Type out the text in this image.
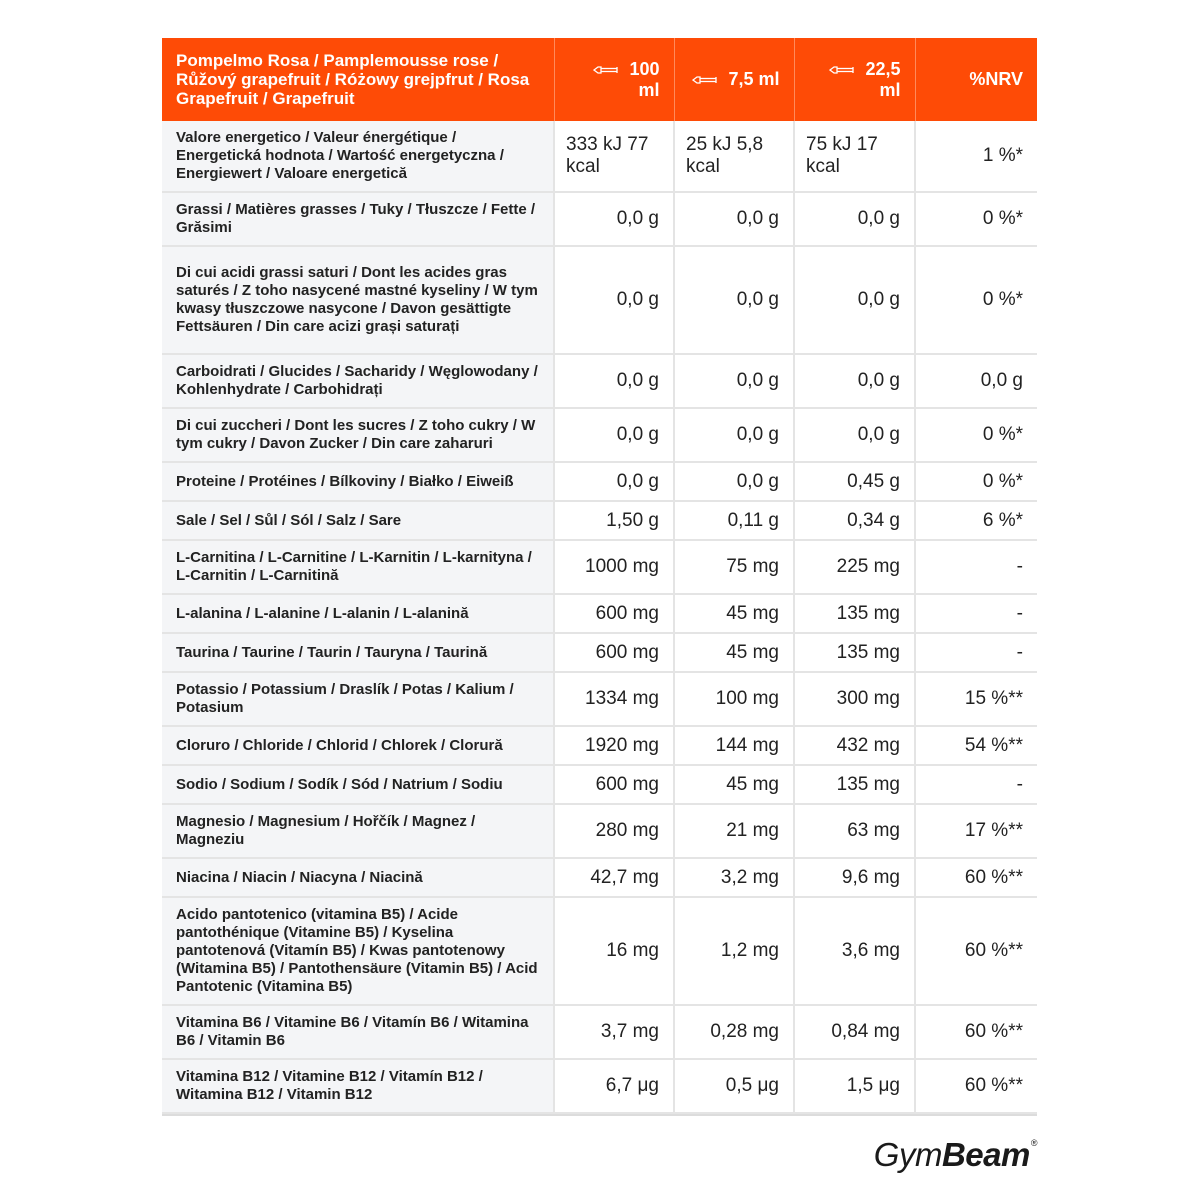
Pompelmo Rosa / Pamplemousse rose / Růžový grapefruit / Różowy grejpfrut / Rosa Grapefruit / Grapefruit	100 ml	7,5 ml	22,5 ml	%NRV
Valore energetico / Valeur énergétique / Energetická hodnota / Wartość energetyczna / Energiewert / Valoare energetică	333 kJ 77 kcal	25 kJ 5,8 kcal	75 kJ 17 kcal	1 %*
Grassi / Matières grasses / Tuky / Tłuszcze / Fette / Grăsimi	0,0 g	0,0 g	0,0 g	0 %*
Di cui acidi grassi saturi / Dont les acides gras saturés / Z toho nasycené mastné kyseliny / W tym kwasy tłuszczowe nasycone / Davon gesättigte Fettsäuren / Din care acizi grași saturați	0,0 g	0,0 g	0,0 g	0 %*
Carboidrati / Glucides / Sacharidy / Węglowodany / Kohlenhydrate / Carbohidrați	0,0 g	0,0 g	0,0 g	0,0 g
Di cui zuccheri / Dont les sucres / Z toho cukry / W tym cukry / Davon Zucker / Din care zaharuri	0,0 g	0,0 g	0,0 g	0 %*
Proteine / Protéines / Bílkoviny / Białko / Eiweiß	0,0 g	0,0 g	0,45 g	0 %*
Sale / Sel / Sůl / Sól / Salz / Sare	1,50 g	0,11 g	0,34 g	6 %*
L-Carnitina / L-Carnitine / L-Karnitin / L-karnityna / L-Carnitin / L-Carnitină	1000 mg	75 mg	225 mg	-
L-alanina / L-alanine / L-alanin / L-alanină	600 mg	45 mg	135 mg	-
Taurina / Taurine / Taurin / Tauryna / Taurină	600 mg	45 mg	135 mg	-
Potassio / Potassium / Draslík / Potas / Kalium / Potasium	1334 mg	100 mg	300 mg	15 %**
Cloruro / Chloride / Chlorid / Chlorek / Clorură	1920 mg	144 mg	432 mg	54 %**
Sodio / Sodium / Sodík / Sód / Natrium / Sodiu	600 mg	45 mg	135 mg	-
Magnesio / Magnesium / Hořčík / Magnez / Magneziu	280 mg	21 mg	63 mg	17 %**
Niacina / Niacin / Niacyna / Niacină	42,7 mg	3,2 mg	9,6 mg	60 %**
Acido pantotenico (vitamina B5) / Acide pantothénique (Vitamine B5) / Kyselina pantotenová (Vitamín B5) / Kwas pantotenowy (Witamina B5) / Pantothensäure (Vitamin B5) / Acid Pantotenic (Vitamina B5)	16 mg	1,2 mg	3,6 mg	60 %**
Vitamina B6 / Vitamine B6 / Vitamín B6 / Witamina B6 / Vitamin B6	3,7 mg	0,28 mg	0,84 mg	60 %**
Vitamina B12 / Vitamine B12 / Vitamín B12 / Witamina B12 / Vitamin B12	6,7 μg	0,5 μg	1,5 μg	60 %**
GymBeam®
